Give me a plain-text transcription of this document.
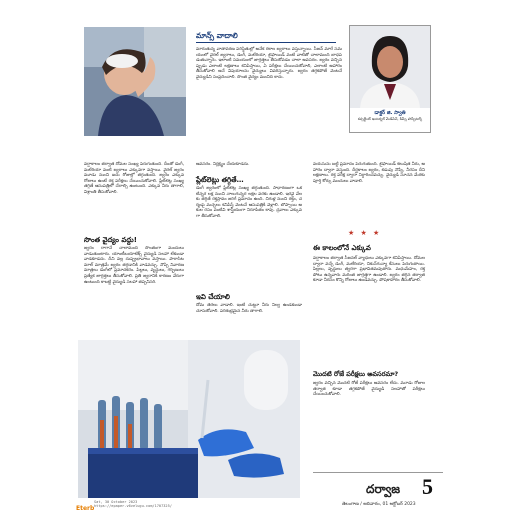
మాన్స్ వాదాలి
మారుతున్న వాతావరణ పరిస్థితుల్లో అనేక రకాల జ్వరాలు వస్తున్నాయి. సీజన్ మారే సమయంలో వైరల్ జ్వరాలు, డెంగీ, మలేరియా, టైఫాయిడ్ వంటి వాటితో చాలామంది బాధపడుతున్నారు. ఇలాంటి సమయంలో జాగ్రత్తలు తీసుకోవడం చాలా అవసరం. జ్వరం వచ్చినప్పుడు ఎలాంటి లక్షణాలు కనిపిస్తాయి, ఏ పరీక్షలు చేయించుకోవాలి, ఎలాంటి ఆహారం తీసుకోవాలి అనే విషయాలను వైద్యులు వివరిస్తున్నారు. జ్వరం తగ్గకపోతే వెంటనే వైద్యుడిని సంప్రదించాలి. సొంత వైద్యం మంచిది కాదు.
డాక్టర్ జి. స్వాతి
కన్సల్టెంట్ ఇంటర్నల్ మెడిసిన్, కిమ్స్ హాస్పిటల్స్
వర్షాకాలం తర్వాత దోమల సంఖ్య పెరుగుతుంది. దీంతో డెంగీ, మలేరియా వంటి జ్వరాలు ఎక్కువగా వస్తాయి. వైరల్ జ్వరం మూడు నుంచి ఐదు రోజుల్లో తగ్గుతుంది. జ్వరం ఎక్కువ రోజులు ఉంటే రక్త పరీక్షలు చేయించుకోవాలి. ప్లేట్‌లెట్ల సంఖ్య తగ్గితే ఆసుపత్రిలో చేరాల్సి ఉంటుంది. ఎక్కువ నీరు తాగాలి, విశ్రాంతి తీసుకోవాలి.
సొంత వైద్యం వద్దు!
జ్వరం రాగానే చాలామంది సొంతంగా మందులు వాడుతుంటారు. యాంటీబయాటిక్స్ వైద్యుడి సలహా లేకుండా వాడకూడదు. దీని వల్ల దుష్ప్రభావాలు వస్తాయి. పారాసిటమాల్ మాత్రమే జ్వరం తగ్గడానికి వాడవచ్చు. నొప్పి నివారణ మాత్రలు డెంగీలో ప్రమాదకరం. పిల్లలు, వృద్ధులు, గర్భిణులు ప్రత్యేక జాగ్రత్తలు తీసుకోవాలి. ప్రతి జ్వరానికి కారణం వేరుగా ఉంటుంది కాబట్టి వైద్యుడి సలహా తప్పనిసరి.
అవసరం. నిర్లక్ష్యం చేయకూడదు.
ప్లేట్‌లెట్లు తగ్గితే…
డెంగీ జ్వరంలో ప్లేట్‌లెట్ల సంఖ్య తగ్గుతుంది. సాధారణంగా ఒకటిన్నర లక్ష నుంచి నాలుగున్నర లక్షల వరకు ఉండాలి. ఇరవై వేలకు తగ్గితే రక్తస్రావం జరిగే ప్రమాదం ఉంది. చిగుళ్ల నుంచి రక్తం, చర్మంపై మచ్చలు కనిపిస్తే వెంటనే ఆసుపత్రికి వెళ్లాలి. బొప్పాయి ఆకుల రసం వంటివి శాస్త్రీయంగా నిరూపితం కావు. ద్రవాలు ఎక్కువగా తీసుకోవాలి.
ఇవి చేయాలి
దోమ తెరలు వాడాలి. ఇంటి చుట్టూ నీరు నిల్వ ఉండకుండా చూసుకోవాలి. పరిశుభ్రమైన నీరు తాగాలి.
వయసును బట్టి ప్రమాదం పెరుగుతుంది. టైఫాయిడ్ కలుషిత నీరు, ఆహారం ద్వారా వస్తుంది. దీర్ఘకాలం జ్వరం, కడుపు నొప్పి, నీరసం దీని లక్షణాలు. రక్త పరీక్ష ద్వారా నిర్ధారించవచ్చు. వైద్యుడి సూచన మేరకు పూర్తి కోర్సు మందులు వాడాలి.
★ ★ ★
ఈ కాలంలోనే ఎక్కువ
వర్షాకాలం తర్వాత సీజనల్ వ్యాధులు ఎక్కువగా కనిపిస్తాయి. దోమల ద్వారా వచ్చే డెంగీ, మలేరియా, చికున్‌గున్యా కేసులు పెరుగుతాయి. పిల్లలు, వృద్ధులు త్వరగా ప్రభావితమవుతారు. మధుమేహం, రక్తపోటు ఉన్నవారు మరింత జాగ్రత్తగా ఉండాలి. జ్వరం తగ్గిన తర్వాత కూడా నీరసం కొన్ని రోజులు ఉండవచ్చు. పోషకాహారం తీసుకోవాలి.
మొదటి రోజే పరీక్షలు అవసరమా?
జ్వరం వచ్చిన మొదటి రోజే పరీక్షలు అవసరం లేదు. మూడు రోజుల తర్వాత కూడా తగ్గకపోతే వైద్యుడి సలహాతో పరీక్షలు చేయించుకోవాలి.
దర్వాజ 5
తెలంగాణ / ఆదివారం, 01 అక్టోబర్ 2023
Eterb
Sat, 30 October 2023
https://epaper.v6velugu.com/1707325/
